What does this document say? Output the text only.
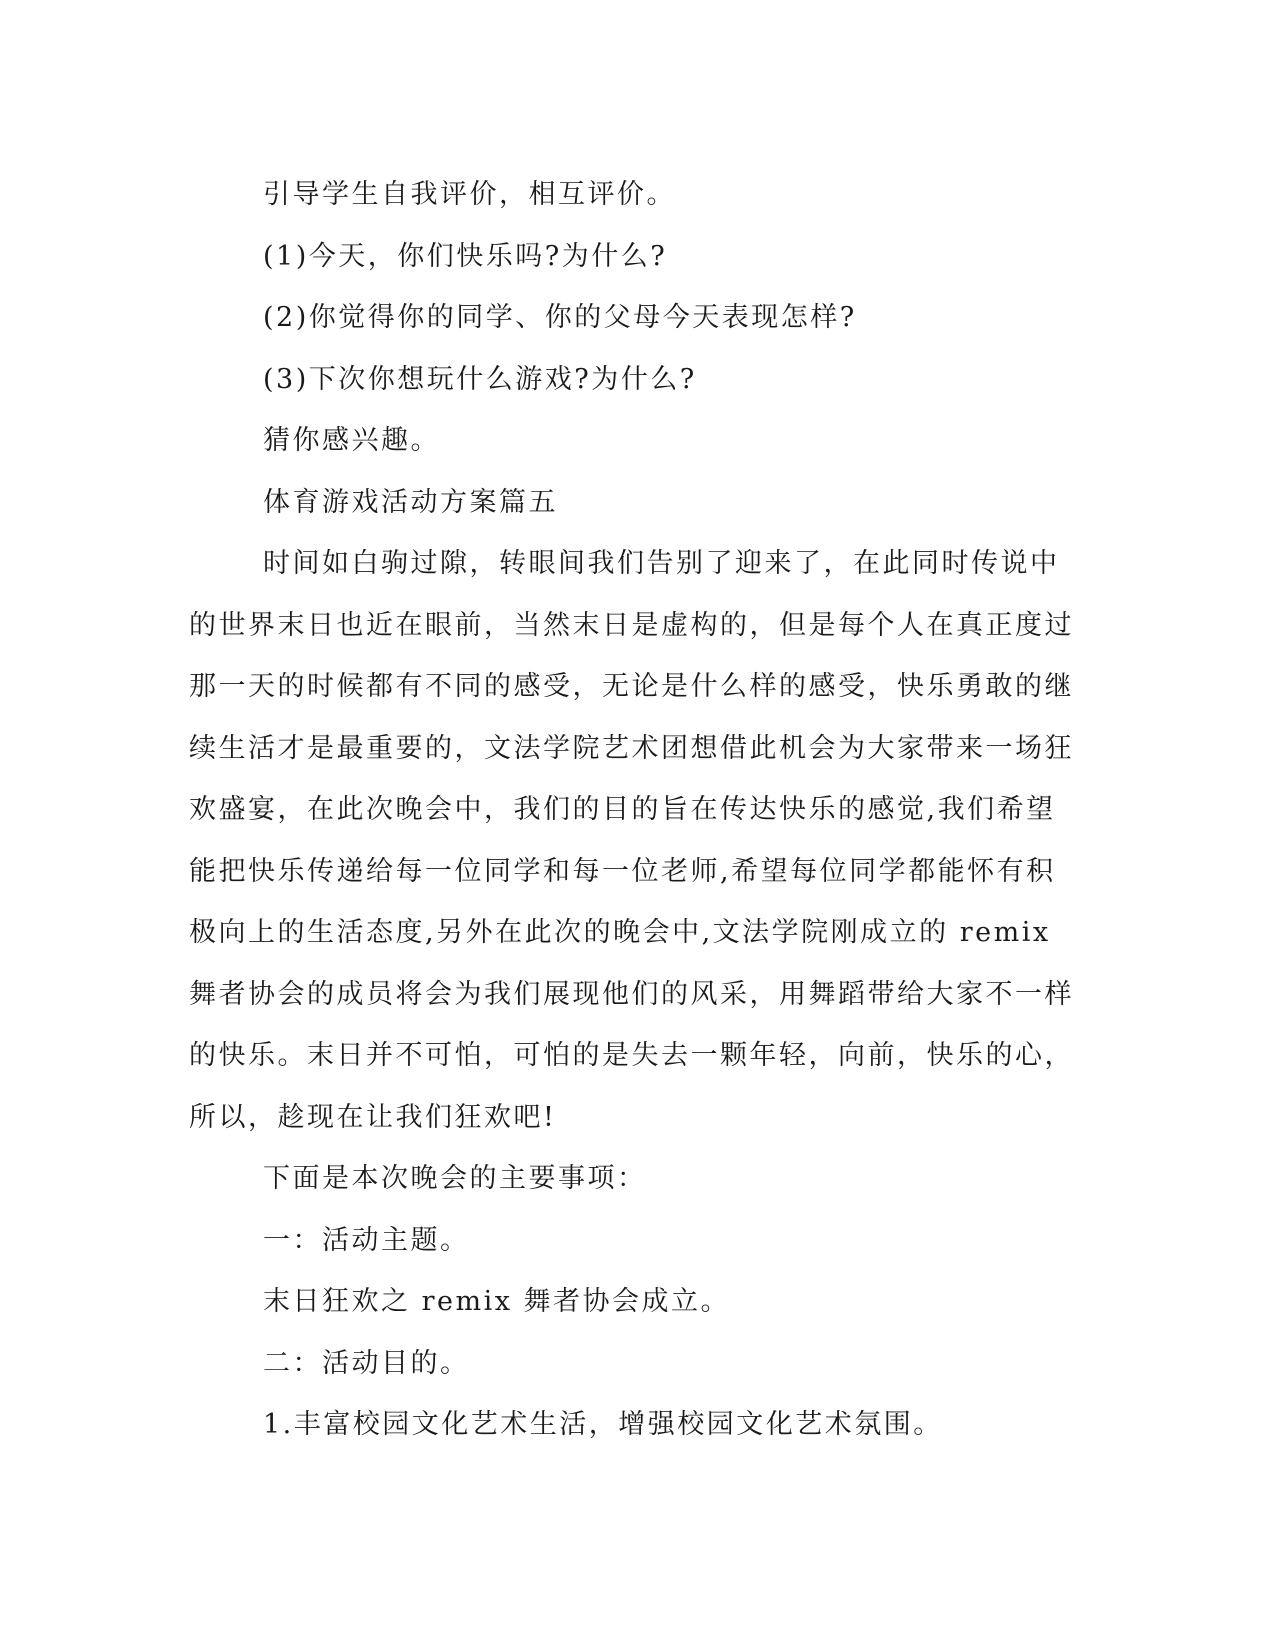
引导学生自我评价，相互评价。

(1)今天，你们快乐吗?为什么?

(2)你觉得你的同学、你的父母今天表现怎样?

(3)下次你想玩什么游戏?为什么?

猜你感兴趣。

体育游戏活动方案篇五

时间如白驹过隙，转眼间我们告别了迎来了，在此同时传说中的世界末日也近在眼前，当然末日是虚构的，但是每个人在真正度过那一天的时候都有不同的感受，无论是什么样的感受，快乐勇敢的继续生活才是最重要的，文法学院艺术团想借此机会为大家带来一场狂欢盛宴，在此次晚会中，我们的目的旨在传达快乐的感觉,我们希望能把快乐传递给每一位同学和每一位老师,希望每位同学都能怀有积极向上的生活态度,另外在此次的晚会中,文法学院刚成立的 remix 舞者协会的成员将会为我们展现他们的风采，用舞蹈带给大家不一样的快乐。末日并不可怕，可怕的是失去一颗年轻，向前，快乐的心，所以，趁现在让我们狂欢吧!

下面是本次晚会的主要事项：

一：活动主题。

末日狂欢之 remix 舞者协会成立。

二：活动目的。

1.丰富校园文化艺术生活，增强校园文化艺术氛围。
